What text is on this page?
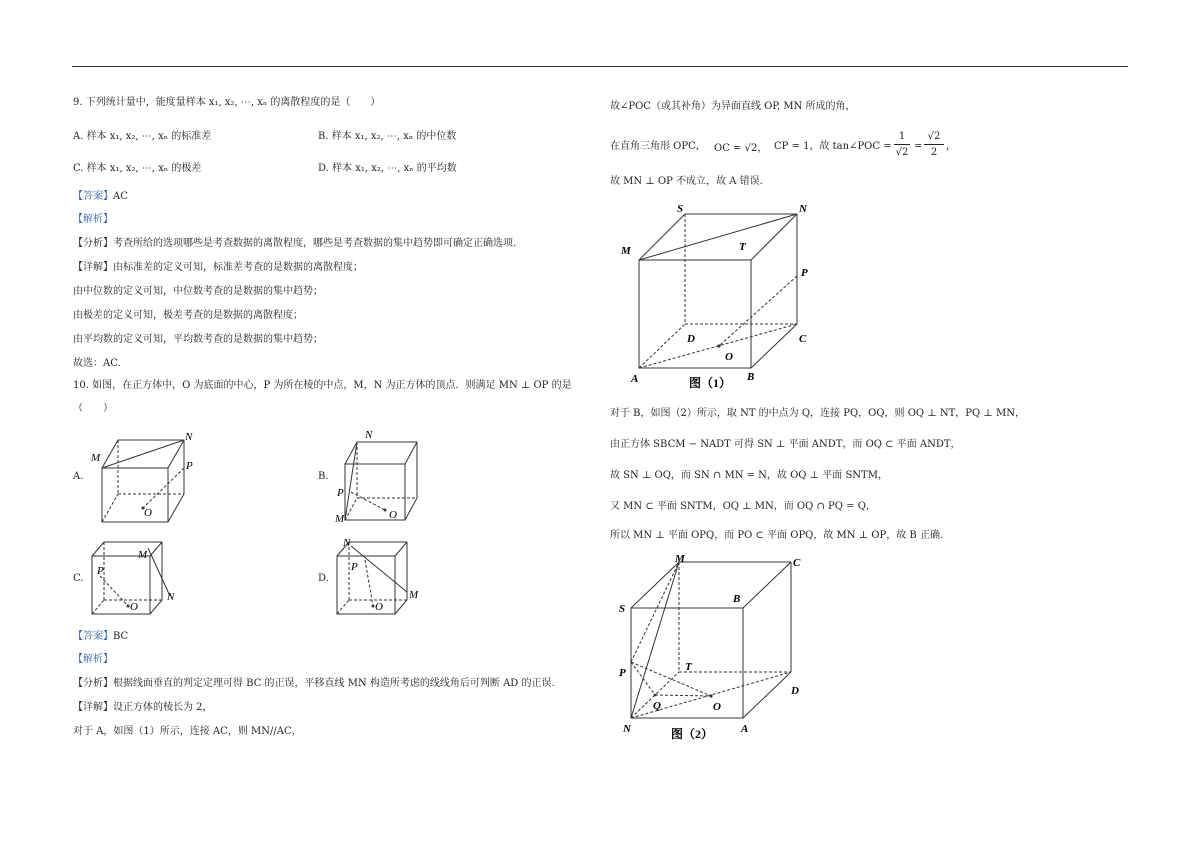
9. 下列统计量中，能度量样本 x₁, x₂, ⋯, xₙ 的离散程度的是（　　）
A. 样本 x₁, x₂, ⋯, xₙ 的标准差	B. 样本 x₁, x₂, ⋯, xₙ 的中位数
C. 样本 x₁, x₂, ⋯, xₙ 的极差	D. 样本 x₁, x₂, ⋯, xₙ 的平均数
【答案】AC
【解析】
【分析】考查所给的选项哪些是考查数据的离散程度，哪些是考查数据的集中趋势即可确定正确选项.
【详解】由标准差的定义可知，标准差考查的是数据的离散程度；
由中位数的定义可知，中位数考查的是数据的集中趋势；
由极差的定义可知，极差考查的是数据的离散程度；
由平均数的定义可知，平均数考查的是数据的集中趋势；
故选：AC.
10. 如图，在正方体中，O 为底面的中心，P 为所在棱的中点，M，N 为正方体的顶点．则满足 MN ⊥ OP 的是
（　　）
A.	B.
C.	D.
【答案】BC
【解析】
【分析】根据线面垂直的判定定理可得 BC 的正误，平移直线 MN 构造所考虑的线线角后可判断 AD 的正误.
【详解】设正方体的棱长为 2，
对于 A，如图（1）所示，连接 AC，则 MN//AC，
M
N
P
O
N
P
M	O
M
P
N
O
N
P
M
O
故∠POC（或其补角）为异面直线 OP, MN 所成的角，
在直角三角形 OPC， OC = √2， CP = 1，故 tan∠POC =
1
√2
=
√2
2
，
故 MN ⊥ OP 不成立，故 A 错误.
对于 B，如图（2）所示，取 NT 的中点为 Q，连接 PQ，OQ，则 OQ ⊥ NT，PQ ⊥ MN，
由正方体 SBCM − NADT 可得 SN ⊥ 平面 ANDT，而 OQ ⊂ 平面 ANDT，
故 SN ⊥ OQ，而 SN ∩ MN = N，故 OQ ⊥ 平面 SNTM，
又 MN ⊂ 平面 SNTM，OQ ⊥ MN，而 OQ ∩ PQ = Q，
所以 MN ⊥ 平面 OPQ，而 PO ⊂ 平面 OPQ，故 MN ⊥ OP，故 B 正确.
S	N
M	T
P
D	C
O
A	B
图（1）
M	C
S
B
T
P
Q	O
D
N	A
图（2）
